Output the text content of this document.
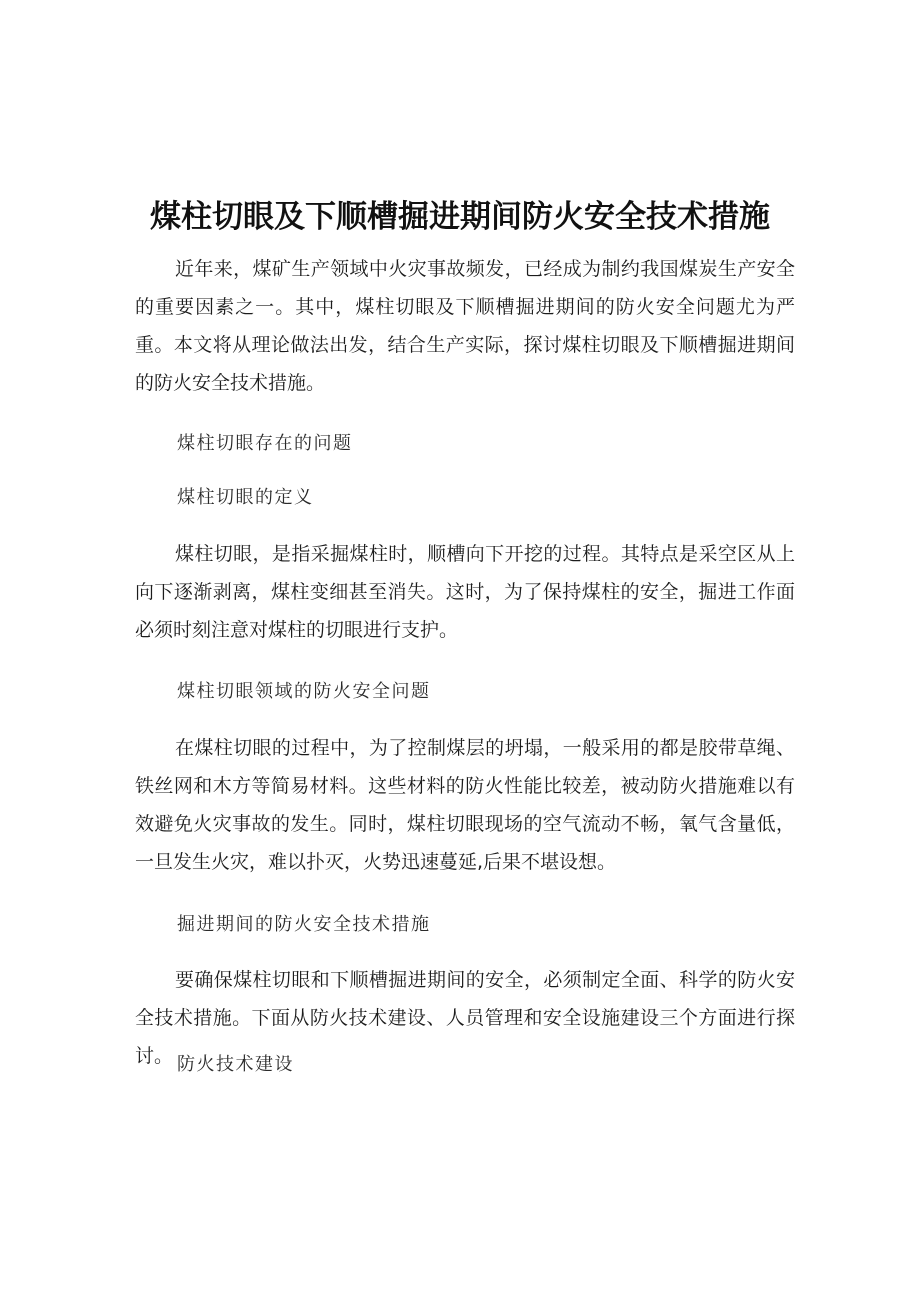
煤柱切眼及下顺槽掘进期间防火安全技术措施

近年来，煤矿生产领域中火灾事故频发，已经成为制约我国煤炭生产安全的重要因素之一。其中，煤柱切眼及下顺槽掘进期间的防火安全问题尤为严重。本文将从理论做法出发，结合生产实际，探讨煤柱切眼及下顺槽掘进期间的防火安全技术措施。

煤柱切眼存在的问题
煤柱切眼的定义

煤柱切眼，是指采掘煤柱时，顺槽向下开挖的过程。其特点是采空区从上向下逐渐剥离，煤柱变细甚至消失。这时，为了保持煤柱的安全，掘进工作面必须时刻注意对煤柱的切眼进行支护。

煤柱切眼领域的防火安全问题

在煤柱切眼的过程中，为了控制煤层的坍塌，一般采用的都是胶带草绳、铁丝网和木方等简易材料。这些材料的防火性能比较差，被动防火措施难以有效避免火灾事故的发生。同时，煤柱切眼现场的空气流动不畅，氧气含量低，一旦发生火灾，难以扑灭，火势迅速蔓延,后果不堪设想。

掘进期间的防火安全技术措施

要确保煤柱切眼和下顺槽掘进期间的安全，必须制定全面、科学的防火安全技术措施。下面从防火技术建设、人员管理和安全设施建设三个方面进行探讨。 防火技术建设
